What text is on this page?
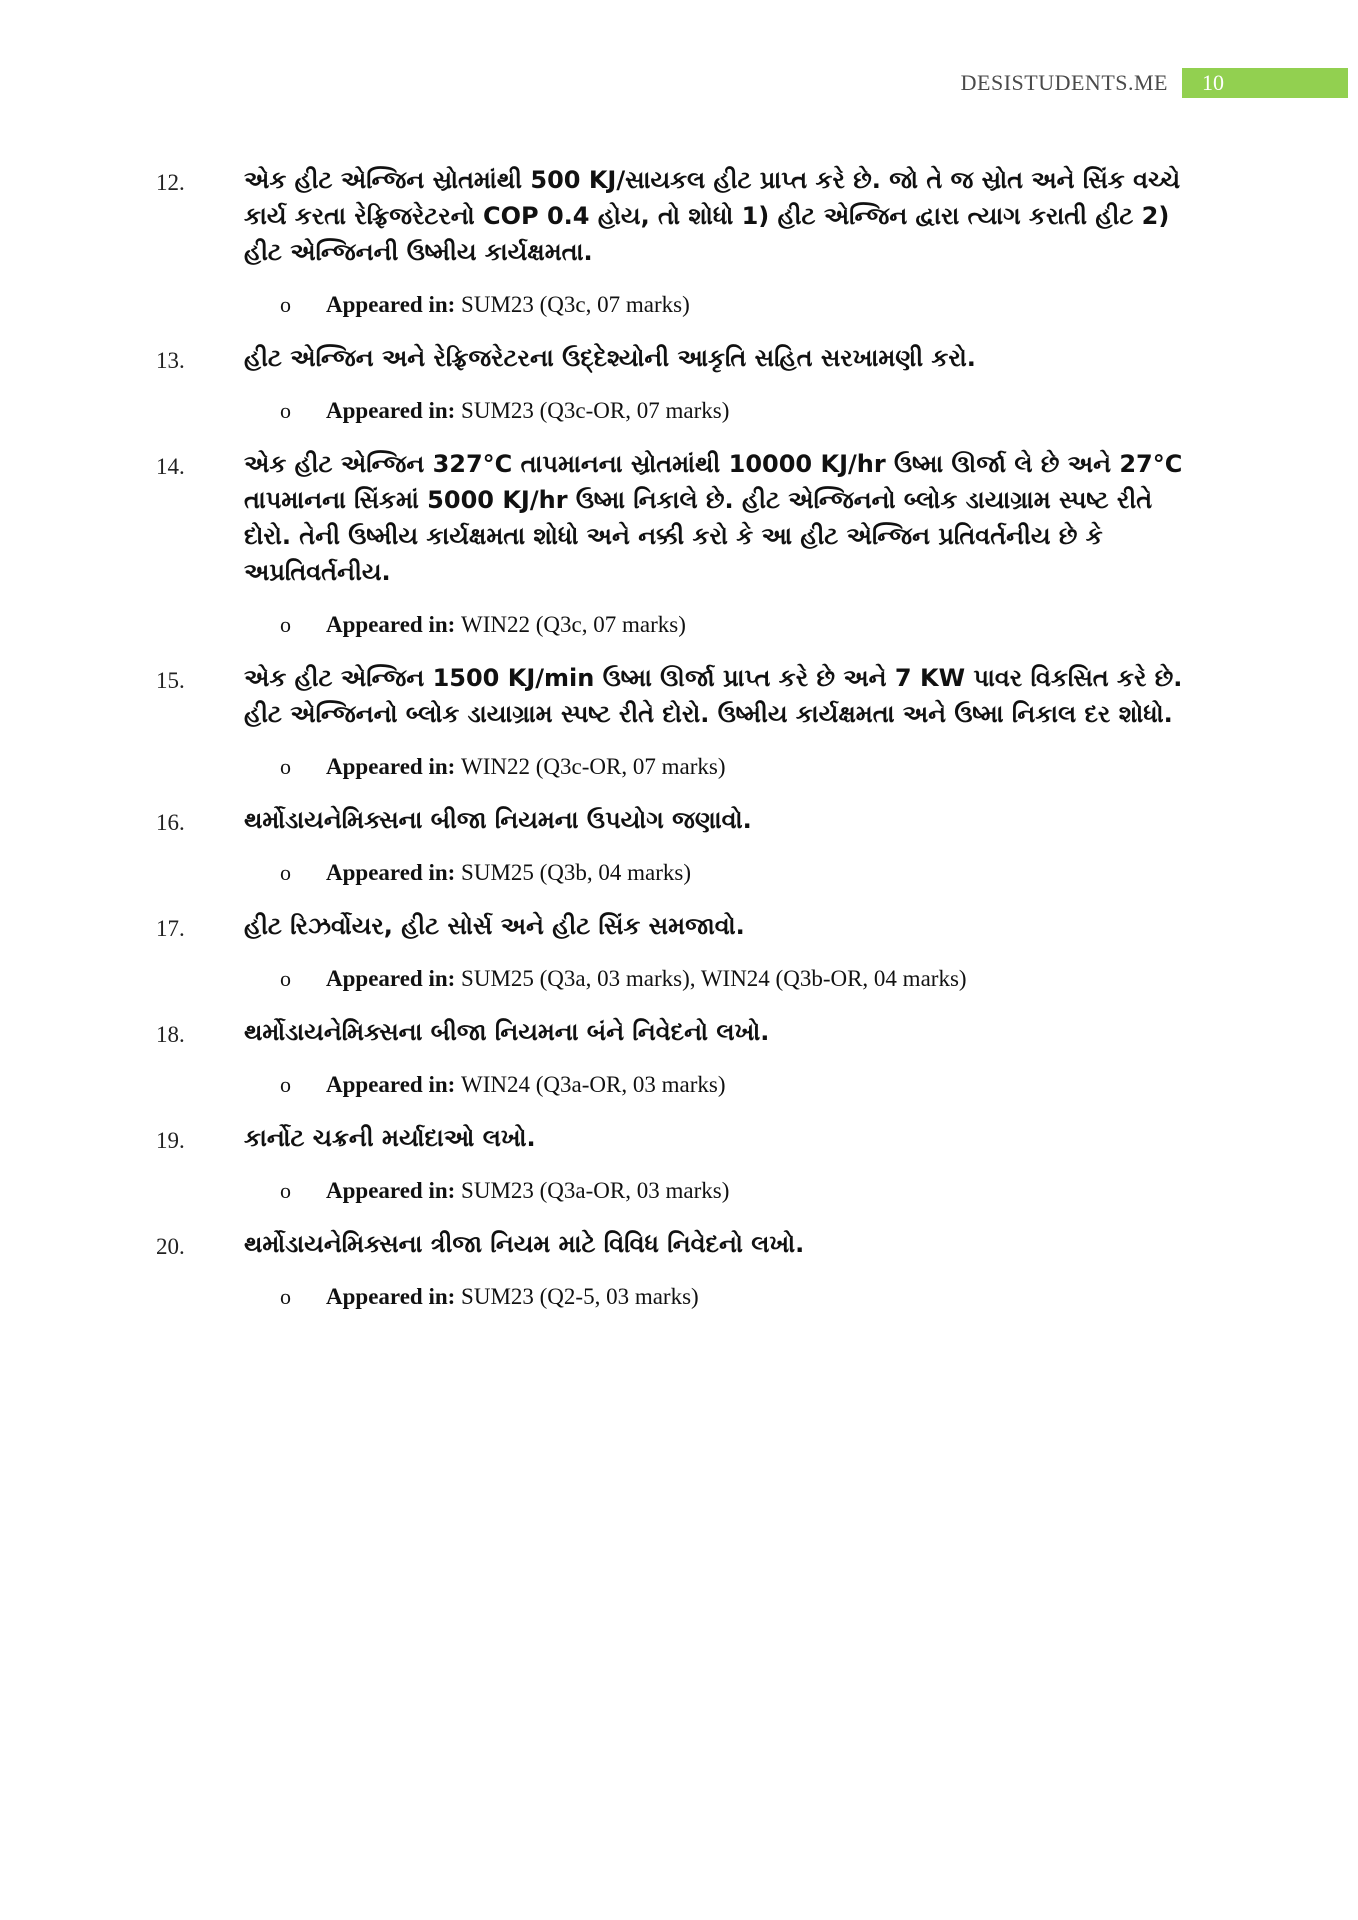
DESISTUDENTS.ME	10
12.	એક હીટ એન્જિન સ્રોતમાંથી 500 KJ/સાયકલ હીટ પ્રાપ્ત કરે છે. જો તે જ સ્રોત અને સિંક વચ્ચે કાર્ય કરતા રેફ્રિજરેટરનો COP 0.4 હોય, તો શોધો 1) હીટ એન્જિન દ્વારા ત્યાગ કરાતી હીટ 2) હીટ એન્જિનની ઉષ્મીય કાર્યક્ષમતા.
o Appeared in: SUM23 (Q3c, 07 marks)
13.	હીટ એન્જિન અને રેફ્રિજરેટરના ઉદ્દેશ્યોની આકૃતિ સહિત સરખામણી કરો.
o Appeared in: SUM23 (Q3c-OR, 07 marks)
14.	એક હીટ એન્જિન 327°C તાપમાનના સ્રોતમાંથી 10000 KJ/hr ઉષ્મા ઊર્જા લે છે અને 27°C તાપમાનના સિંકમાં 5000 KJ/hr ઉષ્મા નિકાલે છે. હીટ એન્જિનનો બ્લોક ડાયાગ્રામ સ્પષ્ટ રીતે દોરો. તેની ઉષ્મીય કાર્યક્ષમતા શોધો અને નક્કી કરો કે આ હીટ એન્જિન પ્રતિવર્તનીય છે કે અપ્રતિવર્તનીય.
o Appeared in: WIN22 (Q3c, 07 marks)
15.	એક હીટ એન્જિન 1500 KJ/min ઉષ્મા ઊર્જા પ્રાપ્ત કરે છે અને 7 KW પાવર વિકસિત કરે છે. હીટ એન્જિનનો બ્લોક ડાયાગ્રામ સ્પષ્ટ રીતે દોરો. ઉષ્મીય કાર્યક્ષમતા અને ઉષ્મા નિકાલ દર શોધો.
o Appeared in: WIN22 (Q3c-OR, 07 marks)
16.	થર્મોડાયનેમિક્સના બીજા નિયમના ઉપયોગ જણાવો.
o Appeared in: SUM25 (Q3b, 04 marks)
17.	હીટ રિઝર્વોયર, હીટ સોર્સ અને હીટ સિંક સમજાવો.
o Appeared in: SUM25 (Q3a, 03 marks), WIN24 (Q3b-OR, 04 marks)
18.	થર્મોડાયનેમિક્સના બીજા નિયમના બંને નિવેદનો લખો.
o Appeared in: WIN24 (Q3a-OR, 03 marks)
19.	કાર્નોટ ચક્રની મર્યાદાઓ લખો.
o Appeared in: SUM23 (Q3a-OR, 03 marks)
20.	થર્મોડાયનેમિક્સના ત્રીજા નિયમ માટે વિવિધ નિવેદનો લખો.
o Appeared in: SUM23 (Q2-5, 03 marks)
